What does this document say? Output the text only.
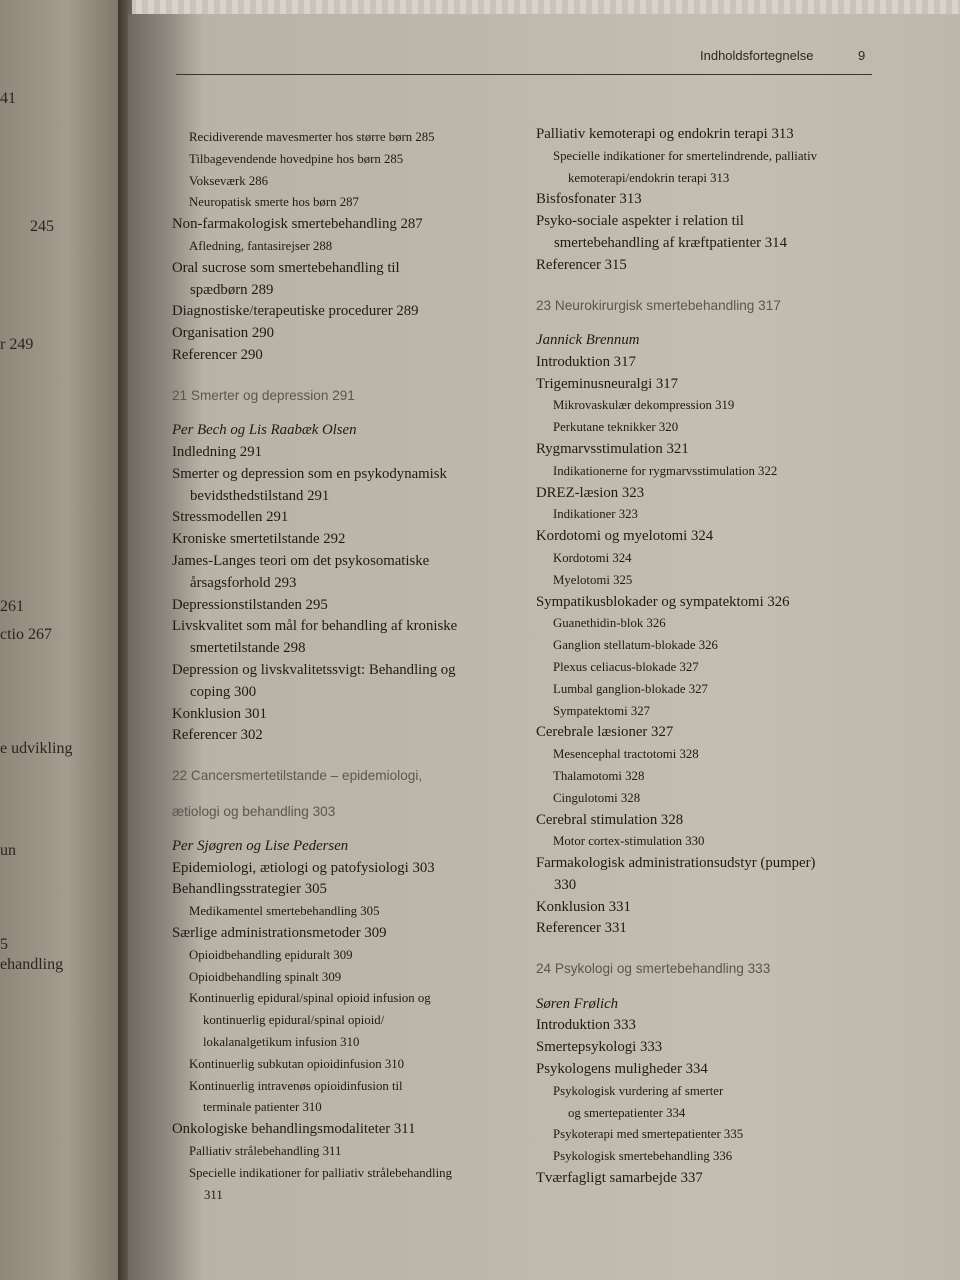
41
245
r 249
261
ctio 267
e udvikling
un
5
ehandling
Indholdsfortegnelse	9

Recidiverende mavesmerter hos større børn 285

Tilbagevendende hovedpine hos børn 285

Vokseværk 286

Neuropatisk smerte hos børn 287

Non-farmakologisk smertebehandling 287

Afledning, fantasirejser 288

Oral sucrose som smertebehandling til

spædbørn 289

Diagnostiske/terapeutiske procedurer 289

Organisation 290

Referencer 290

21 Smerter og depression 291

Per Bech og Lis Raabæk Olsen

Indledning 291

Smerter og depression som en psykodynamisk

bevidsthedstilstand 291

Stressmodellen 291

Kroniske smertetilstande 292

James-Langes teori om det psykosomatiske

årsagsforhold 293

Depressionstilstanden 295

Livskvalitet som mål for behandling af kroniske

smertetilstande 298

Depression og livskvalitetssvigt: Behandling og

coping 300

Konklusion 301

Referencer 302

22 Cancersmertetilstande – epidemiologi,

ætiologi og behandling 303

Per Sjøgren og Lise Pedersen

Epidemiologi, ætiologi og patofysiologi 303

Behandlingsstrategier 305

Medikamentel smertebehandling 305

Særlige administrationsmetoder 309

Opioidbehandling epiduralt 309

Opioidbehandling spinalt 309

Kontinuerlig epidural/spinal opioid infusion og

kontinuerlig epidural/spinal opioid/

lokalanalgetikum infusion 310

Kontinuerlig subkutan opioidinfusion 310

Kontinuerlig intravenøs opioidinfusion til

terminale patienter 310

Onkologiske behandlingsmodaliteter 311

Palliativ strålebehandling 311

Specielle indikationer for palliativ strålebehandling

311

Palliativ kemoterapi og endokrin terapi 313

Specielle indikationer for smertelindrende, palliativ

kemoterapi/endokrin terapi 313

Bisfosfonater 313

Psyko-sociale aspekter i relation til

smertebehandling af kræftpatienter 314

Referencer 315

23 Neurokirurgisk smertebehandling 317

Jannick Brennum

Introduktion 317

Trigeminusneuralgi 317

Mikrovaskulær dekompression 319

Perkutane teknikker 320

Rygmarvsstimulation 321

Indikationerne for rygmarvsstimulation 322

DREZ-læsion 323

Indikationer 323

Kordotomi og myelotomi 324

Kordotomi 324

Myelotomi 325

Sympatikusblokader og sympatektomi 326

Guanethidin-blok 326

Ganglion stellatum-blokade 326

Plexus celiacus-blokade 327

Lumbal ganglion-blokade 327

Sympatektomi 327

Cerebrale læsioner 327

Mesencephal tractotomi 328

Thalamotomi 328

Cingulotomi 328

Cerebral stimulation 328

Motor cortex-stimulation 330

Farmakologisk administrationsudstyr (pumper)

330

Konklusion 331

Referencer 331

24 Psykologi og smertebehandling 333

Søren Frølich

Introduktion 333

Smertepsykologi 333

Psykologens muligheder 334

Psykologisk vurdering af smerter

og smertepatienter 334

Psykoterapi med smertepatienter 335

Psykologisk smertebehandling 336

Tværfagligt samarbejde 337
